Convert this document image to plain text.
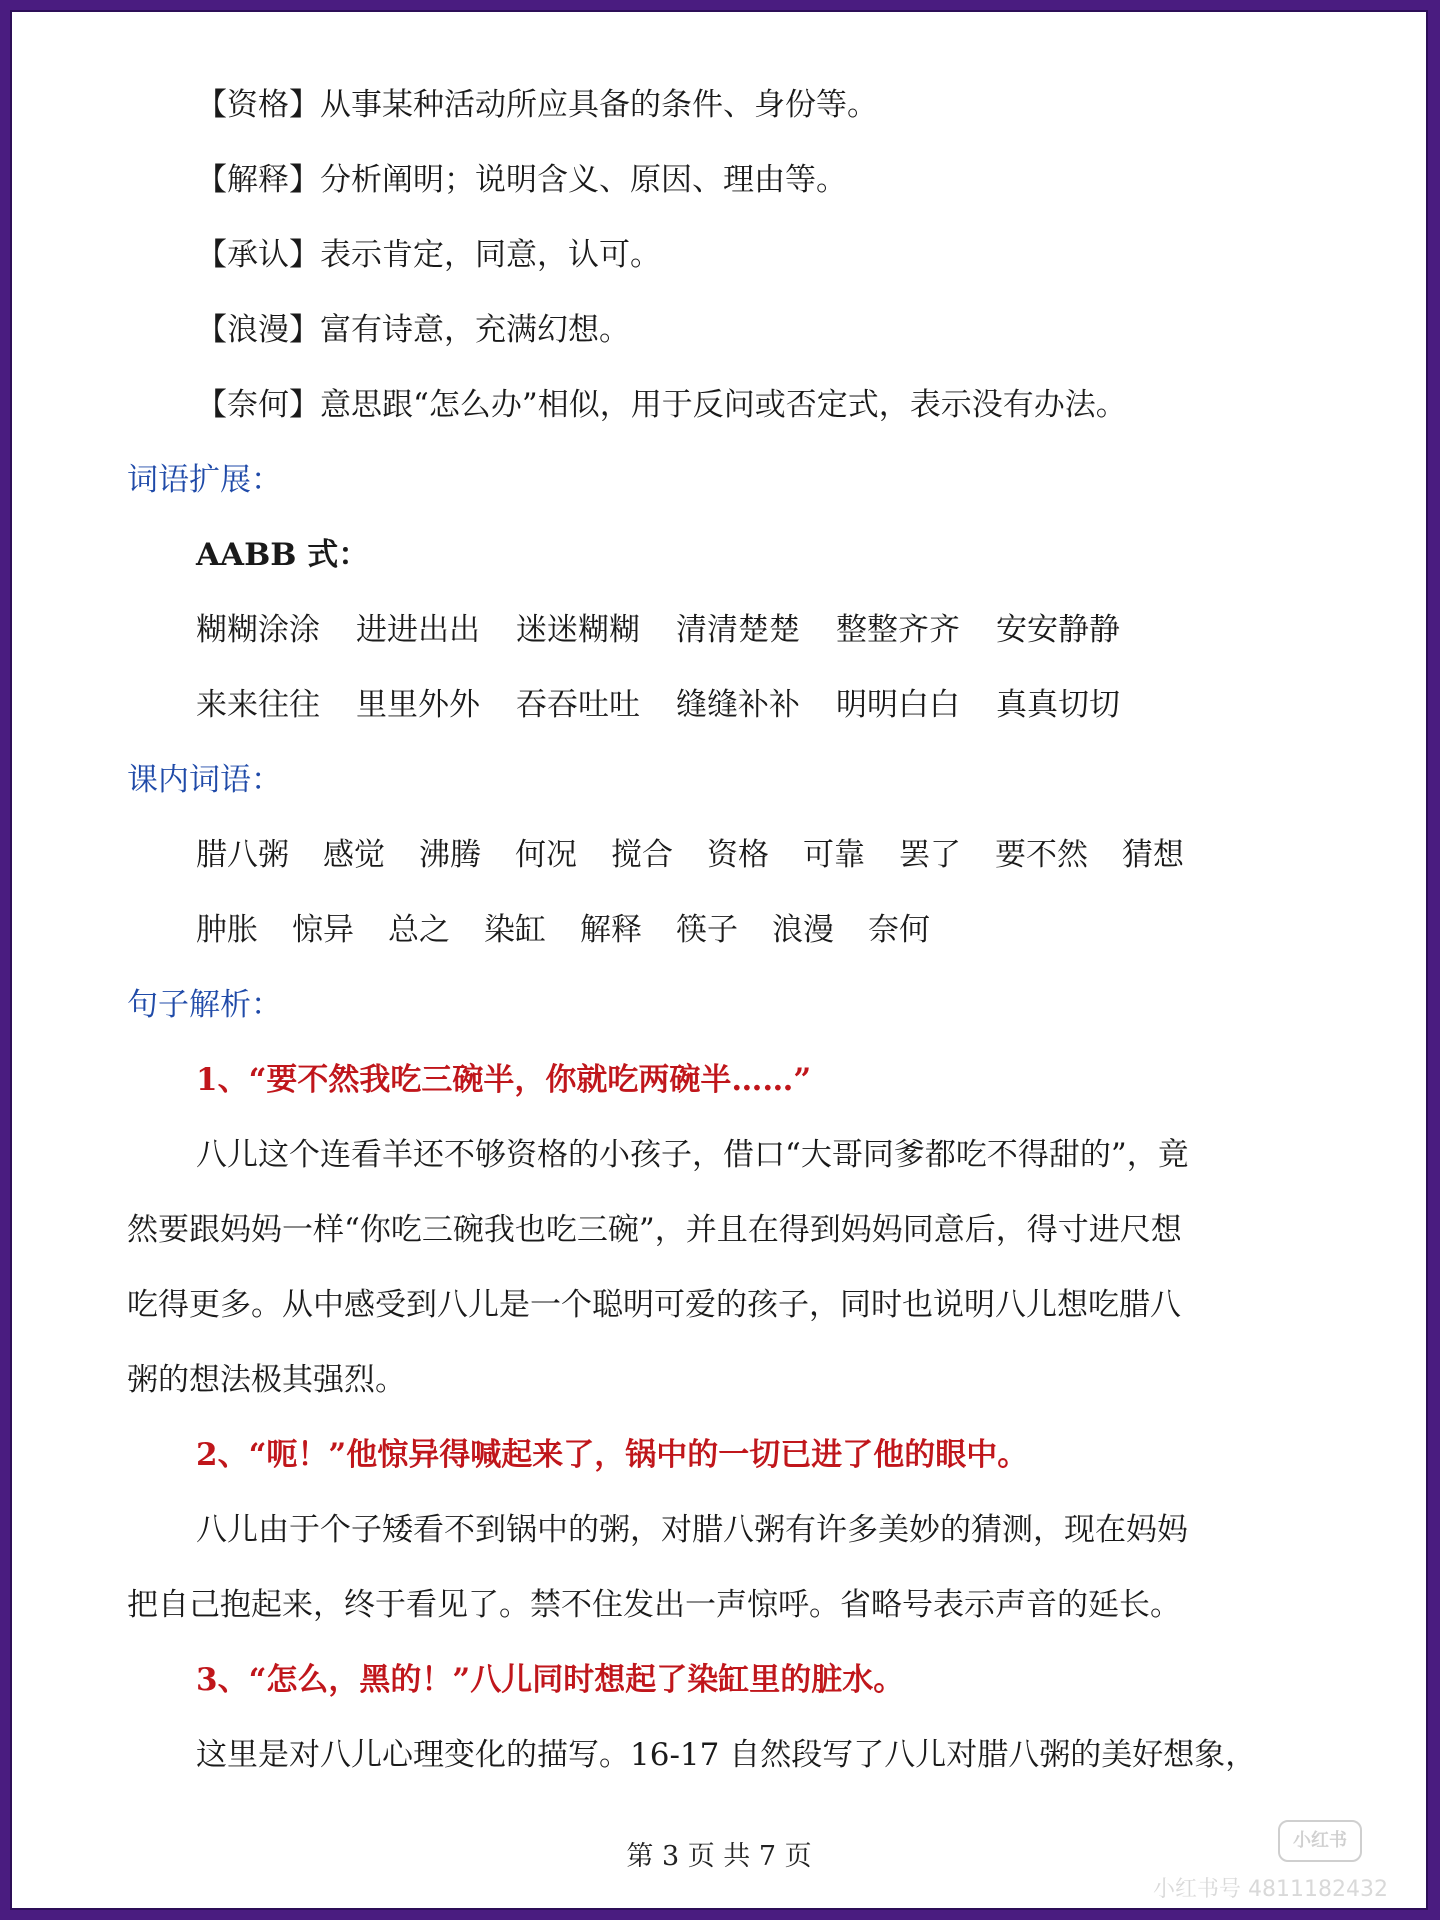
【资格】从事某种活动所应具备的条件、身份等。
【解释】分析阐明；说明含义、原因、理由等。
【承认】表示肯定，同意，认可。
【浪漫】富有诗意，充满幻想。
【奈何】意思跟“怎么办”相似，用于反问或否定式，表示没有办法。
词语扩展：
AABB 式：
糊糊涂涂 进进出出 迷迷糊糊 清清楚楚 整整齐齐 安安静静
来来往往 里里外外 吞吞吐吐 缝缝补补 明明白白 真真切切
课内词语：
腊八粥 感觉 沸腾 何况 搅合 资格 可靠 罢了 要不然 猜想
肿胀 惊异 总之 染缸 解释 筷子 浪漫 奈何
句子解析：
1、“要不然我吃三碗半，你就吃两碗半……”
八儿这个连看羊还不够资格的小孩子，借口“大哥同爹都吃不得甜的”，竟
然要跟妈妈一样“你吃三碗我也吃三碗”，并且在得到妈妈同意后，得寸进尺想
吃得更多。从中感受到八儿是一个聪明可爱的孩子，同时也说明八儿想吃腊八
粥的想法极其强烈。
2、“呃！”他惊异得喊起来了，锅中的一切已进了他的眼中。
八儿由于个子矮看不到锅中的粥，对腊八粥有许多美妙的猜测，现在妈妈
把自己抱起来，终于看见了。禁不住发出一声惊呼。省略号表示声音的延长。
3、“怎么，黑的！”八儿同时想起了染缸里的脏水。
这里是对八儿心理变化的描写。16-17 自然段写了八儿对腊八粥的美好想象，
第 3 页 共 7 页
小红书
小红书号 4811182432
